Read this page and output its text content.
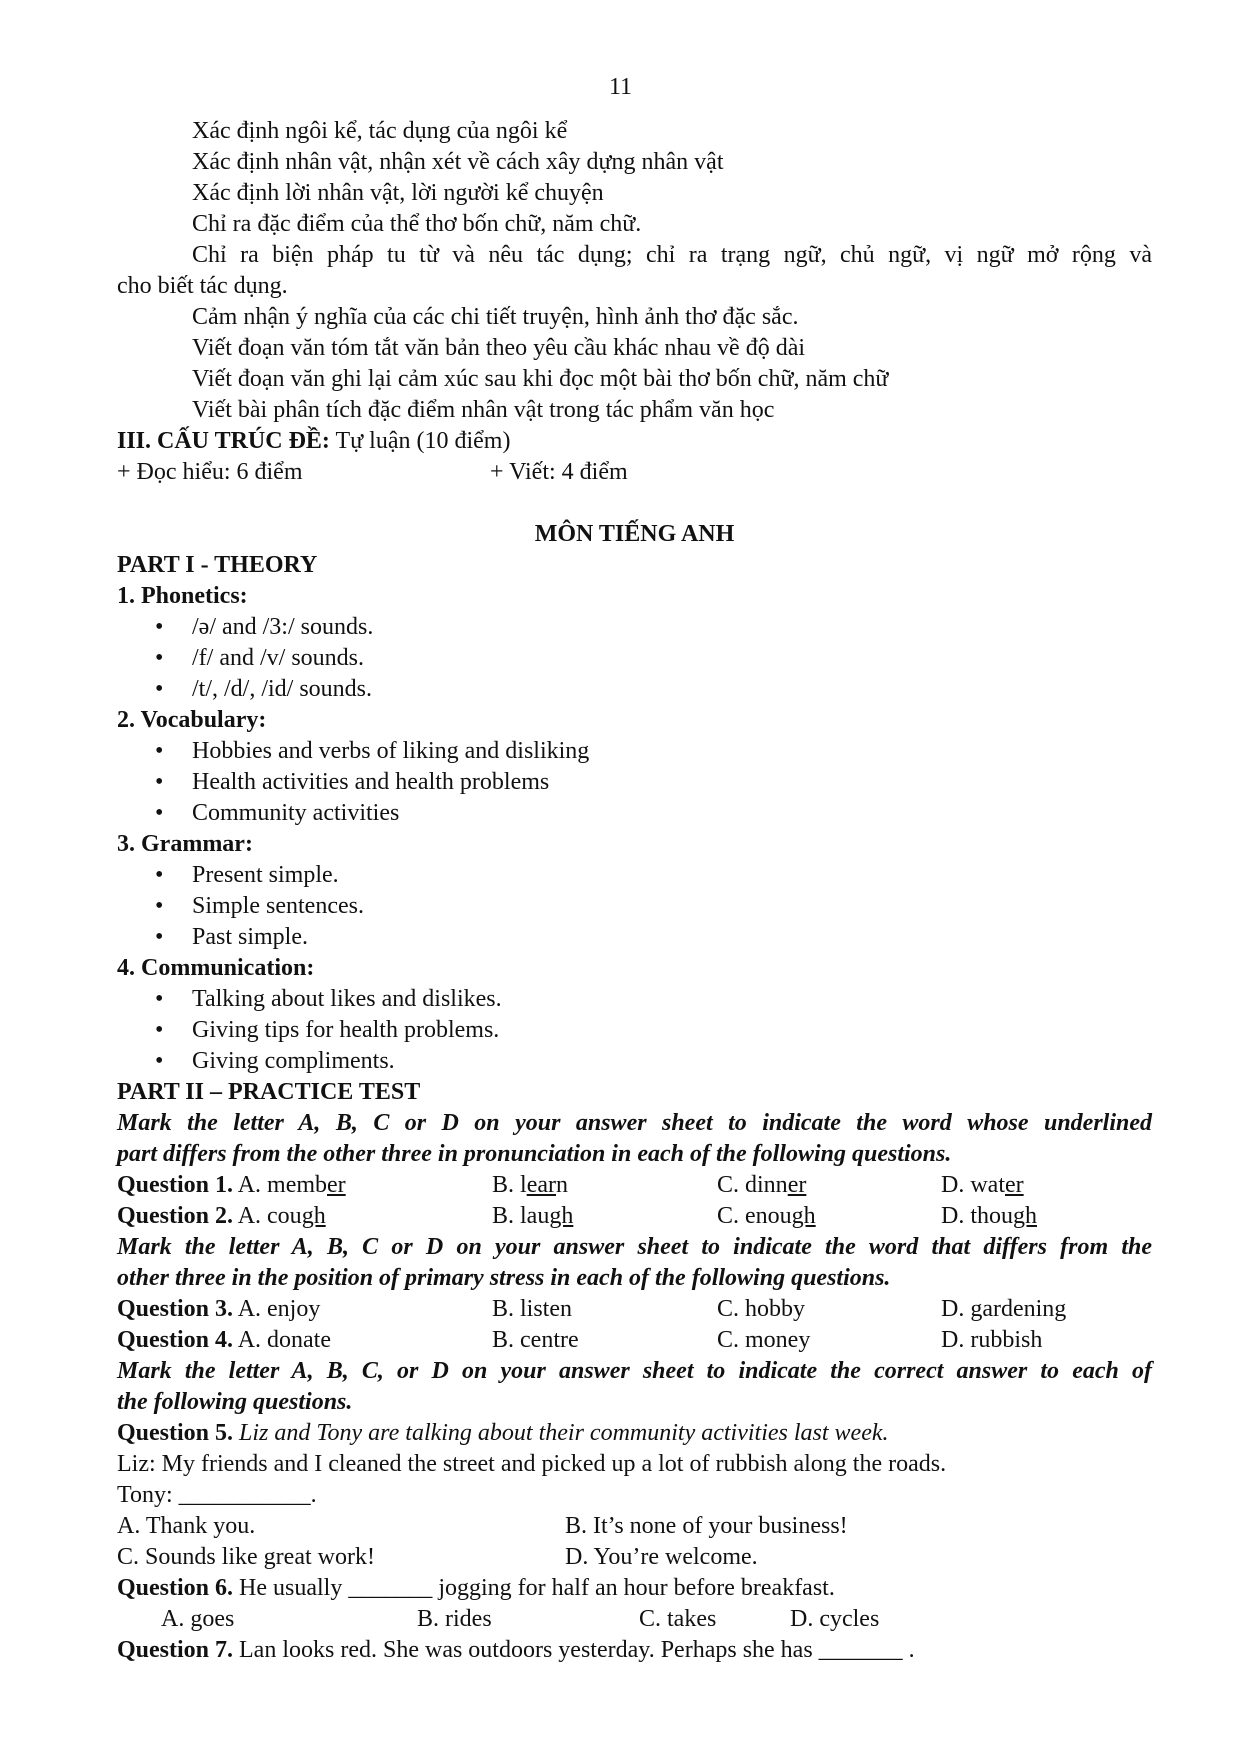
11
Xác định ngôi kể, tác dụng của ngôi kể
Xác định nhân vật, nhận xét về cách xây dựng nhân vật
Xác định lời nhân vật, lời người kể chuyện
Chỉ ra đặc điểm của thể thơ bốn chữ, năm chữ.
Chỉ ra biện pháp tu từ và nêu tác dụng; chỉ ra trạng ngữ, chủ ngữ, vị ngữ mở rộng và
cho biết tác dụng.
Cảm nhận ý nghĩa của các chi tiết truyện, hình ảnh thơ đặc sắc.
Viết đoạn văn tóm tắt văn bản theo yêu cầu khác nhau về độ dài
Viết đoạn văn ghi lại cảm xúc sau khi đọc một bài thơ bốn chữ, năm chữ
Viết bài phân tích đặc điểm nhân vật trong tác phẩm văn học
III. CẤU TRÚC ĐỀ: Tự luận (10 điểm)
+ Đọc hiểu: 6 điểm	+ Viết: 4 điểm
MÔN TIẾNG ANH
PART I - THEORY
1. Phonetics:
• /ə/ and /3:/ sounds.
• /f/ and /v/ sounds.
• /t/, /d/, /id/ sounds.
2. Vocabulary:
• Hobbies and verbs of liking and disliking
• Health activities and health problems
• Community activities
3. Grammar:
• Present simple.
• Simple sentences.
• Past simple.
4. Communication:
• Talking about likes and dislikes.
• Giving tips for health problems.
• Giving compliments.
PART II – PRACTICE TEST
Mark the letter A, B, C or D on your answer sheet to indicate the word whose underlined
part differs from the other three in pronunciation in each of the following questions.
Question 1. A. member	B. learn	C. dinner	D. water
Question 2. A. cough	B. laugh	C. enough	D. though
Mark the letter A, B, C or D on your answer sheet to indicate the word that differs from the
other three in the position of primary stress in each of the following questions.
Question 3. A. enjoy	B. listen	C. hobby	D. gardening
Question 4. A. donate	B. centre	C. money	D. rubbish
Mark the letter A, B, C, or D on your answer sheet to indicate the correct answer to each of
the following questions.
Question 5. Liz and Tony are talking about their community activities last week.
Liz: My friends and I cleaned the street and picked up a lot of rubbish along the roads.
Tony: ___________.
A. Thank you.	B. It’s none of your business!
C. Sounds like great work!	D. You’re welcome.
Question 6. He usually _______ jogging for half an hour before breakfast.
A. goes	B. rides	C. takes	D. cycles
Question 7. Lan looks red. She was outdoors yesterday. Perhaps she has _______ .
